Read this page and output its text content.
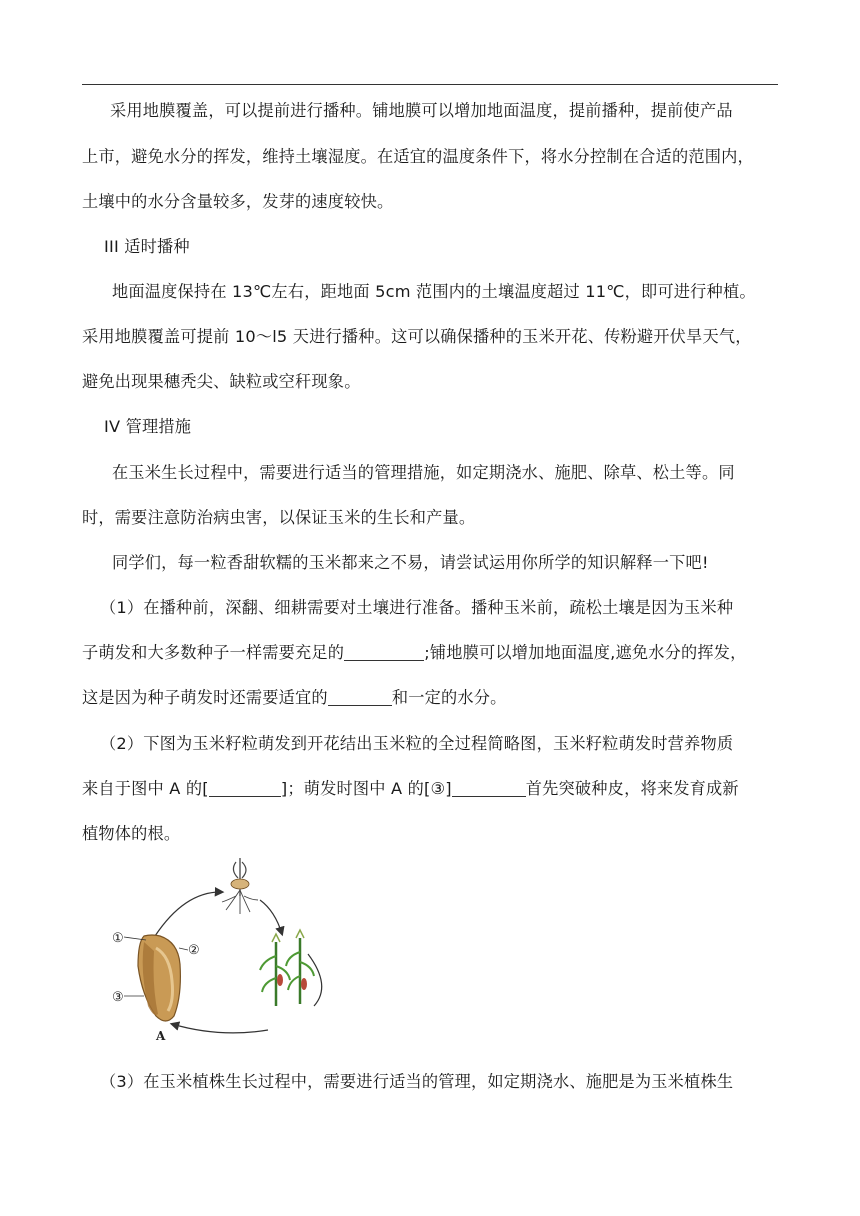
采用地膜覆盖，可以提前进行播种。铺地膜可以增加地面温度，提前播种，提前使产品
上市，避免水分的挥发，维持土壤湿度。在适宜的温度条件下，将水分控制在合适的范围内，
土壤中的水分含量较多，发芽的速度较快。
III 适时播种
地面温度保持在 13℃左右，距地面 5cm 范围内的土壤温度超过 11℃，即可进行种植。
采用地膜覆盖可提前 10～l5 天进行播种。这可以确保播种的玉米开花、传粉避开伏旱天气，
避免出现果穗秃尖、缺粒或空秆现象。
IV 管理措施
在玉米生长过程中，需要进行适当的管理措施，如定期浇水、施肥、除草、松土等。同
时，需要注意防治病虫害，以保证玉米的生长和产量。
同学们，每一粒香甜软糯的玉米都来之不易，请尝试运用你所学的知识解释一下吧!
（1）在播种前，深翻、细耕需要对土壤进行准备。播种玉米前，疏松土壤是因为玉米种
子萌发和大多数种子一样需要充足的	;铺地膜可以增加地面温度,遮免水分的挥发，
这是因为种子萌发时还需要适宜的	和一定的水分。
（2）下图为玉米籽粒萌发到开花结出玉米粒的全过程简略图，玉米籽粒萌发时营养物质
来自于图中 A 的[	]；萌发时图中 A 的[③]	首先突破种皮，将来发育成新
植物体的根。
①
②
③
A
（3）在玉米植株生长过程中，需要进行适当的管理，如定期浇水、施肥是为玉米植株生
